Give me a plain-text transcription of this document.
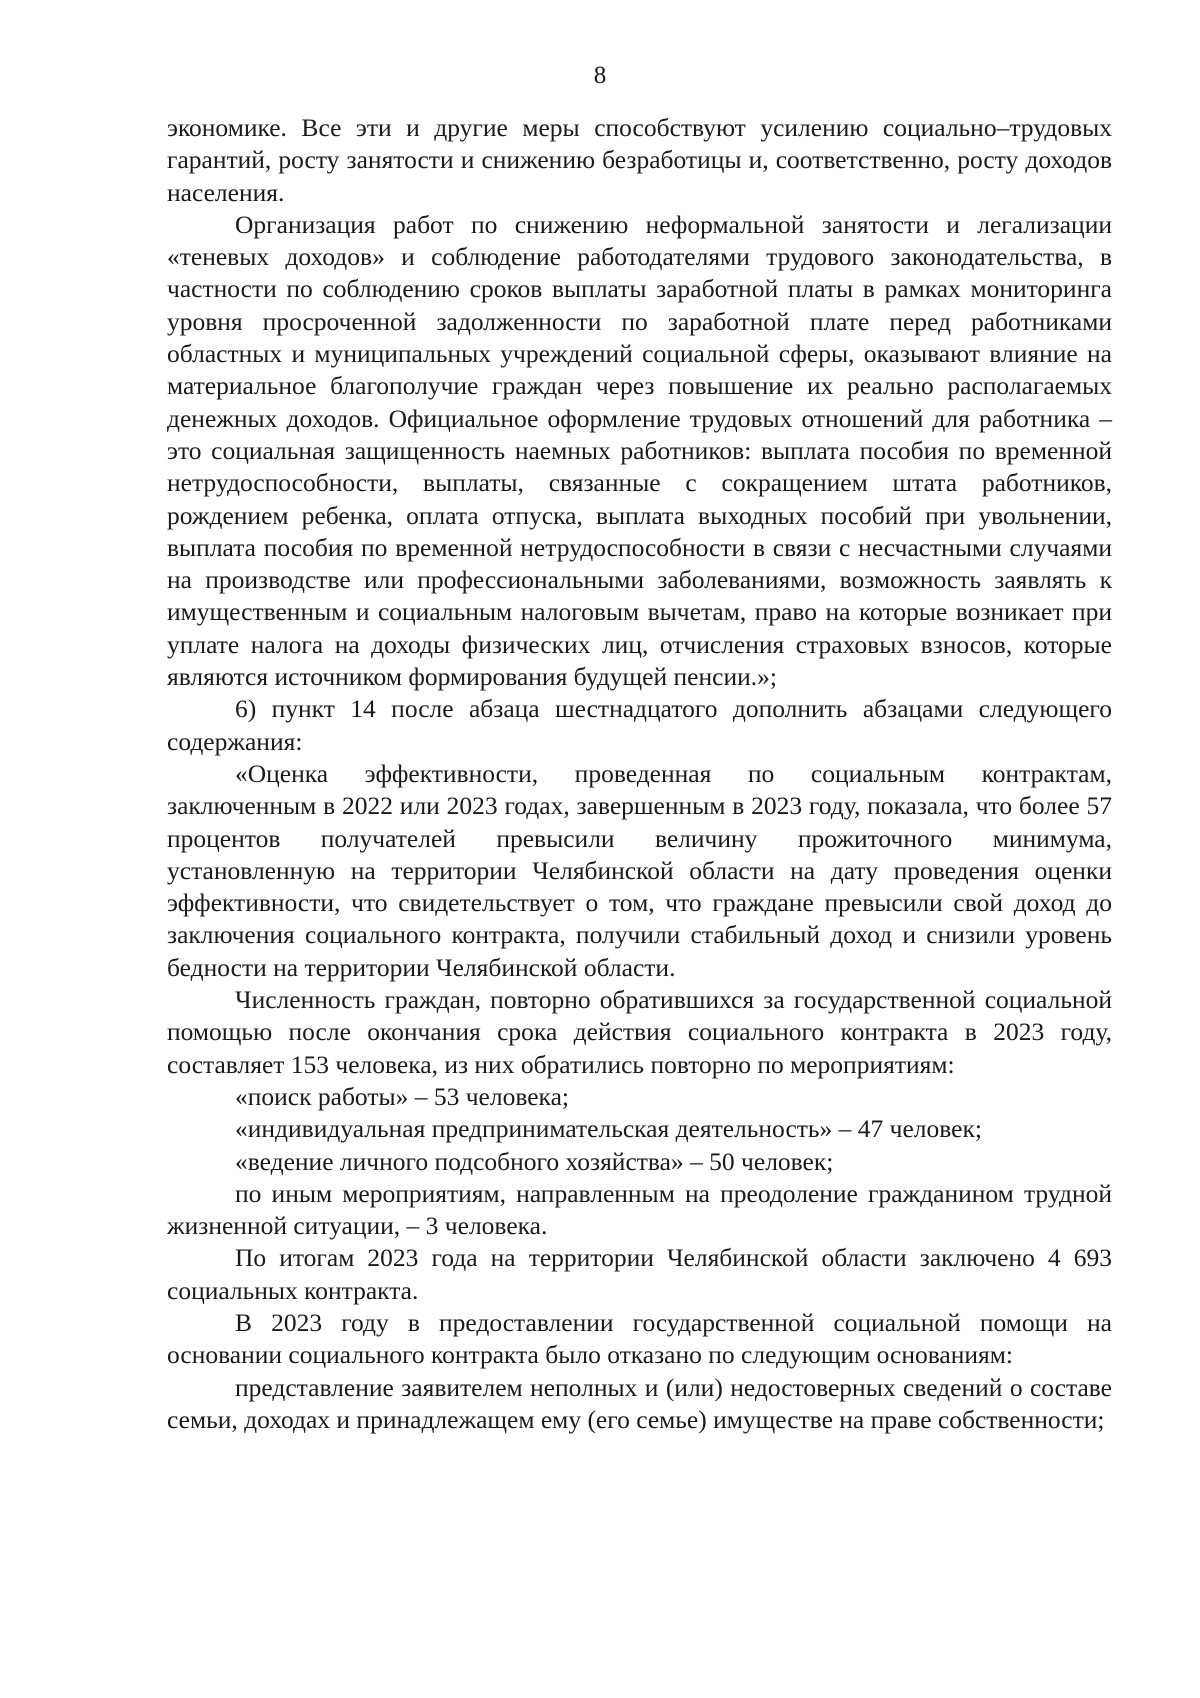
8

экономике. Все эти и другие меры способствуют усилению социально–трудовых гарантий, росту занятости и снижению безработицы и, соответственно, росту доходов населения.

Организация работ по снижению неформальной занятости и легализации «теневых доходов» и соблюдение работодателями трудового законодательства, в частности по соблюдению сроков выплаты заработной платы в рамках мониторинга уровня просроченной задолженности по заработной плате перед работниками областных и муниципальных учреждений социальной сферы, оказывают влияние на материальное благополучие граждан через повышение их реально располагаемых денежных доходов. Официальное оформление трудовых отношений для работника – это социальная защищенность наемных работников: выплата пособия по временной нетрудоспособности, выплаты, связанные с сокращением штата работников, рождением ребенка, оплата отпуска, выплата выходных пособий при увольнении, выплата пособия по временной нетрудоспособности в связи с несчастными случаями на производстве или профессиональными заболеваниями, возможность заявлять к имущественным и социальным налоговым вычетам, право на которые возникает при уплате налога на доходы физических лиц, отчисления страховых взносов, которые являются источником формирования будущей пенсии.»;

6) пункт 14 после абзаца шестнадцатого дополнить абзацами следующего содержания:

«Оценка эффективности, проведенная по социальным контрактам, заключенным в 2022 или 2023 годах, завершенным в 2023 году, показала, что более 57 процентов получателей превысили величину прожиточного минимума, установленную на территории Челябинской области на дату проведения оценки эффективности, что свидетельствует о том, что граждане превысили свой доход до заключения социального контракта, получили стабильный доход и снизили уровень бедности на территории Челябинской области.

Численность граждан, повторно обратившихся за государственной социальной помощью после окончания срока действия социального контракта в 2023 году, составляет 153 человека, из них обратились повторно по мероприятиям:

«поиск работы» – 53 человека;

«индивидуальная предпринимательская деятельность» – 47 человек;

«ведение личного подсобного хозяйства» – 50 человек;

по иным мероприятиям, направленным на преодоление гражданином трудной жизненной ситуации, – 3 человека.

По итогам 2023 года на территории Челябинской области заключено 4 693 социальных контракта.

В 2023 году в предоставлении государственной социальной помощи на основании социального контракта было отказано по следующим основаниям:

представление заявителем неполных и (или) недостоверных сведений о составе семьи, доходах и принадлежащем ему (его семье) имуществе на праве собственности;
